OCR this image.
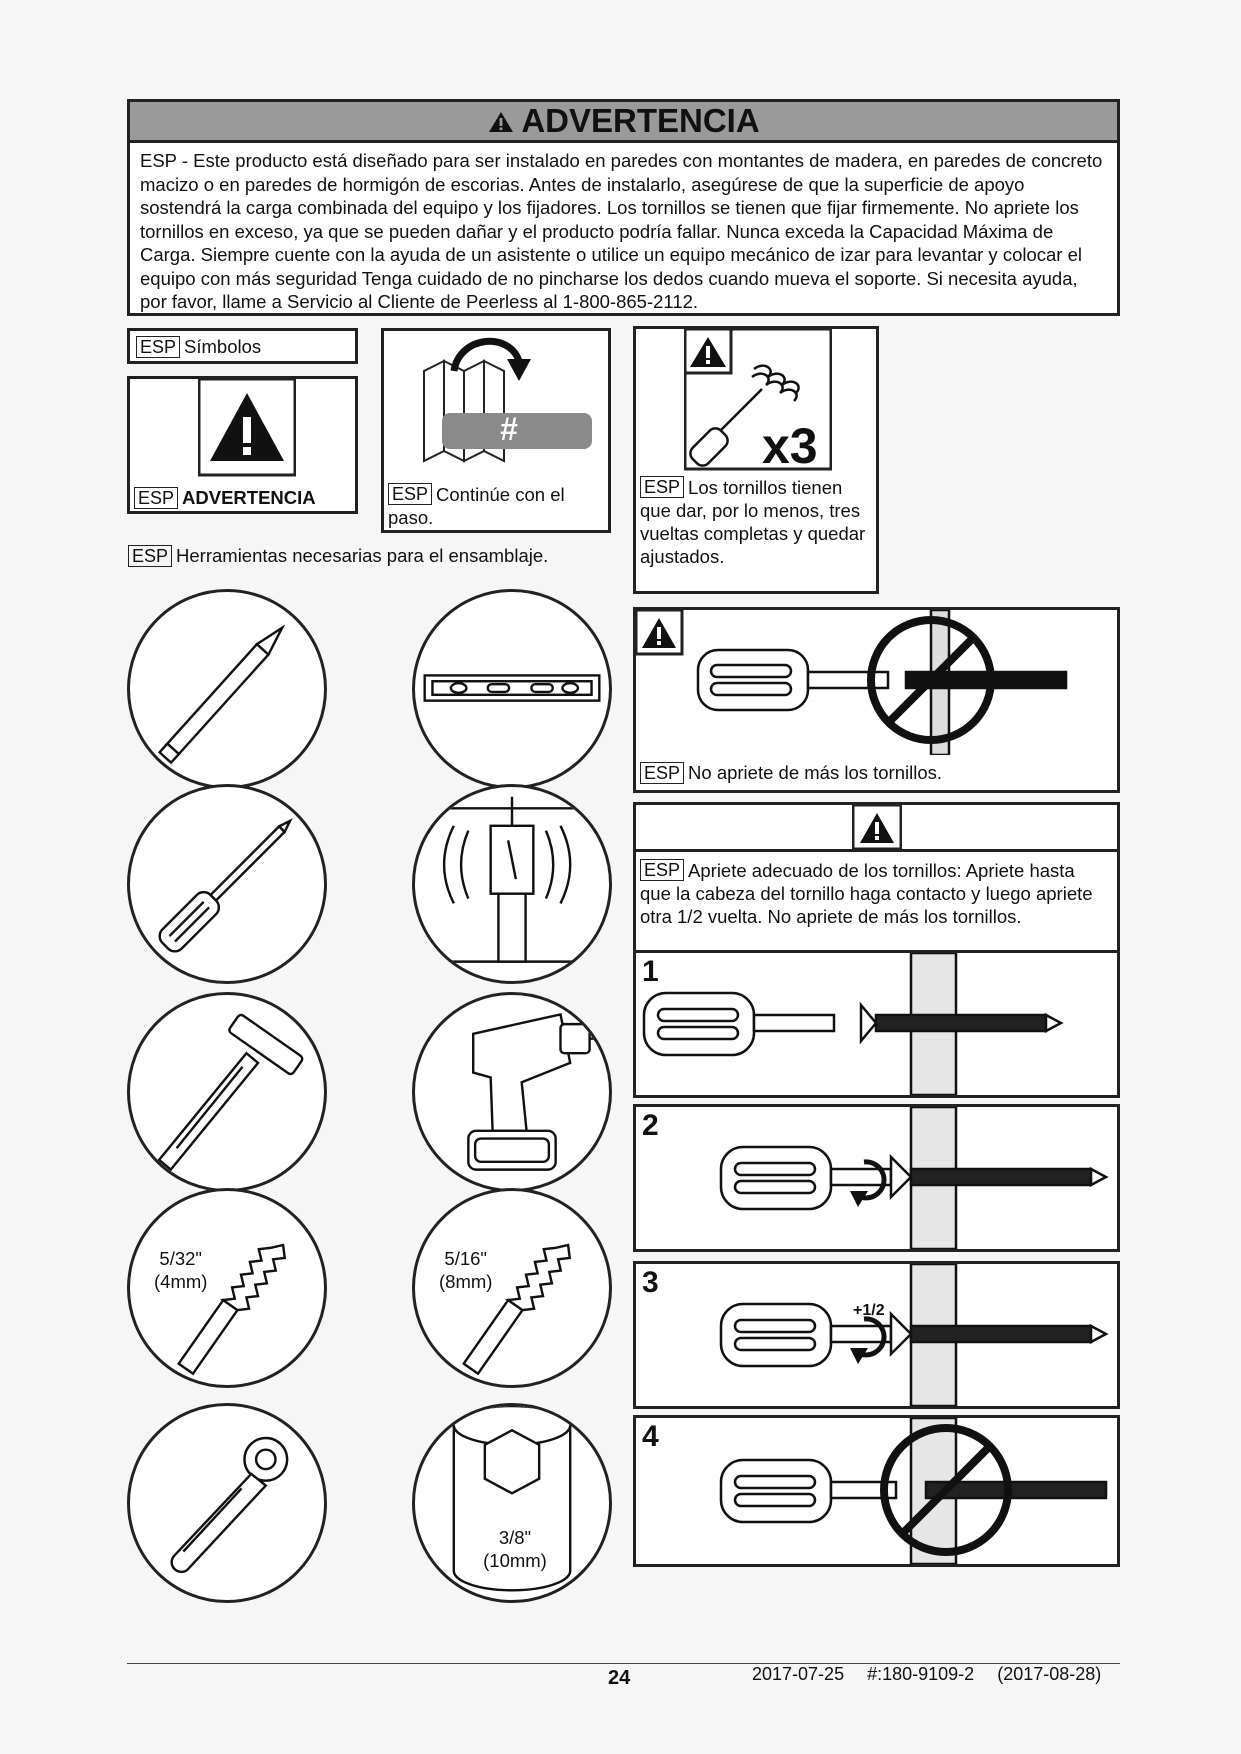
ADVERTENCIA
ESP - Este producto está diseñado para ser instalado en paredes con montantes de madera, en paredes de concreto macizo o en paredes de hormigón de escorias. Antes de instalarlo, asegúrese de que la superficie de apoyo sostendrá la carga combinada del equipo y los fijadores. Los tornillos se tienen que fijar firmemente. No apriete los tornillos en exceso, ya que se pueden dañar y el producto podría fallar. Nunca exceda la Capacidad Máxima de Carga. Siempre cuente con la ayuda de un asistente o utilice un equipo mecánico de izar para levantar y colocar el equipo con más seguridad Tenga cuidado de no pincharse los dedos cuando mueva el soporte. Si necesita ayuda, por favor, llame a Servicio al Cliente de Peerless al 1-800-865-2112.
ESP Símbolos
ESP ADVERTENCIA
#
ESP Continúe con el paso.
x3
ESP Los tornillos tienen que dar, por lo menos, tres vueltas completas y quedar ajustados.
ESP Herramientas necesarias para el ensamblaje.
5/32"
(4mm)
5/16"
(8mm)
3/8"
(10mm)
ESP No apriete de más los tornillos.
ESP Apriete adecuado de los tornillos: Apriete hasta que la cabeza del tornillo haga contacto y luego apriete otra 1/2 vuelta. No apriete de más los tornillos.
1
2
3
+1/2
4
24	2017-07-25 #:180-9109-2 (2017-08-28)
